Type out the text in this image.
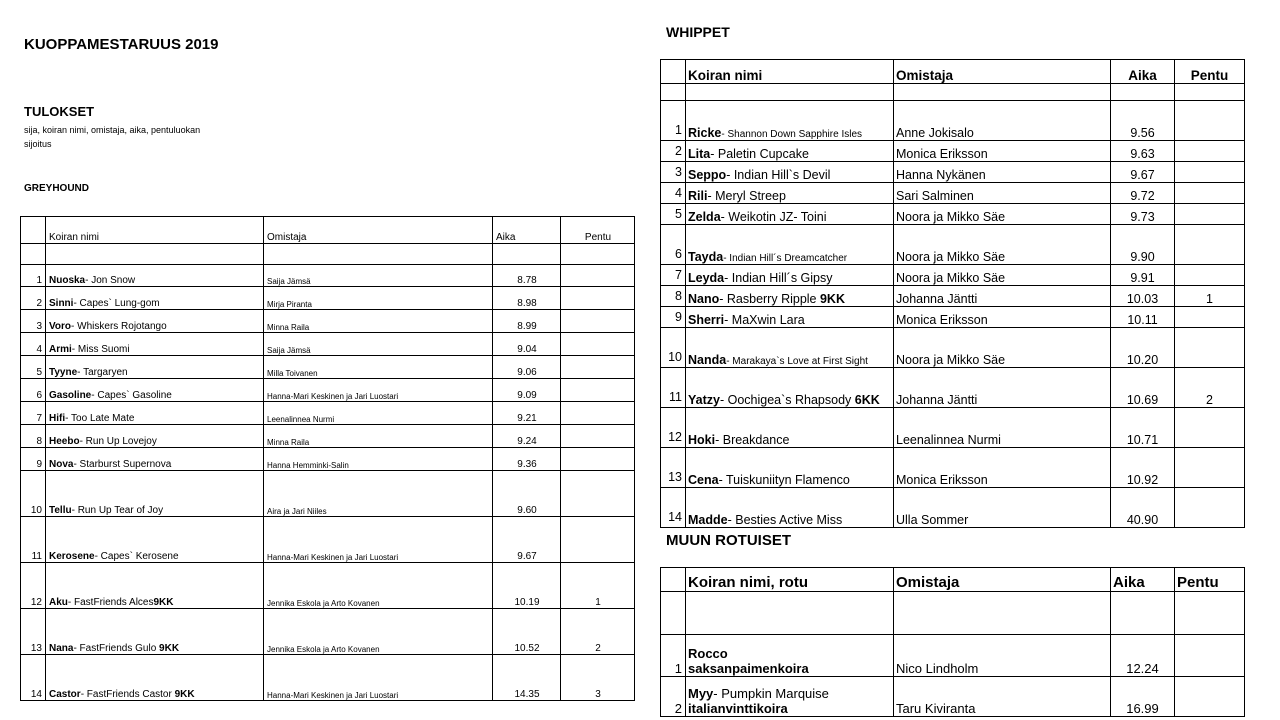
KUOPPAMESTARUUS 2019
TULOKSET
sija, koiran nimi, omistaja, aika, pentuluokan sijoitus
GREYHOUND
WHIPPET
MUUN ROTUISET
	Koiran nimi	Omistaja	Aika	Pentu

1	Nuoska- Jon Snow	Saija Jämsä	8.78	
2	Sinni- Capes` Lung-gom	Mirja Piranta	8.98	
3	Voro- Whiskers Rojotango	Minna Raila	8.99	
4	Armi- Miss Suomi	Saija Jämsä	9.04	
5	Tyyne- Targaryen	Milla Toivanen	9.06	
6	Gasoline- Capes` Gasoline	Hanna-Mari Keskinen ja Jari Luostari	9.09	
7	Hifi- Too Late Mate	Leenalinnea Nurmi	9.21	
8	Heebo- Run Up Lovejoy	Minna Raila	9.24	
9	Nova- Starburst Supernova	Hanna Hemminki-Salin	9.36	
10	Tellu- Run Up Tear of Joy	Aira ja Jari Niiles	9.60	
11	Kerosene- Capes` Kerosene	Hanna-Mari Keskinen ja Jari Luostari	9.67	
12	Aku- FastFriends Alces9KK	Jennika Eskola ja Arto Kovanen	10.19	1
13	Nana- FastFriends Gulo 9KK	Jennika Eskola ja Arto Kovanen	10.52	2
14	Castor- FastFriends Castor 9KK	Hanna-Mari Keskinen ja Jari Luostari	14.35	3
	Koiran nimi	Omistaja	Aika	Pentu

1	Ricke- Shannon Down Sapphire Isles	Anne Jokisalo	9.56	
2	Lita- Paletin Cupcake	Monica Eriksson	9.63	
3	Seppo- Indian Hill`s Devil	Hanna Nykänen	9.67	
4	Rili- Meryl Streep	Sari Salminen	9.72	
5	Zelda- Weikotin JZ- Toini	Noora ja Mikko Säe	9.73	
6	Tayda- Indian Hill´s Dreamcatcher	Noora ja Mikko Säe	9.90	
7	Leyda- Indian Hill´s Gipsy	Noora ja Mikko Säe	9.91	
8	Nano- Rasberry Ripple 9KK	Johanna Jäntti	10.03	1
9	Sherri- MaXwin Lara	Monica Eriksson	10.11	
10	Nanda- Marakaya`s Love at First Sight	Noora ja Mikko Säe	10.20	
11	Yatzy- Oochigea`s Rhapsody 6KK	Johanna Jäntti	10.69	2
12	Hoki- Breakdance	Leenalinnea Nurmi	10.71	
13	Cena- Tuiskuniityn Flamenco	Monica Eriksson	10.92	
14	Madde- Besties Active Miss	Ulla Sommer	40.90	
	Koiran nimi, rotu	Omistaja	Aika	Pentu

1	Rocco
saksanpaimenkoira	Nico Lindholm	12.24	
2	Myy- Pumpkin Marquise
italianvinttikoira	Taru Kiviranta	16.99	
